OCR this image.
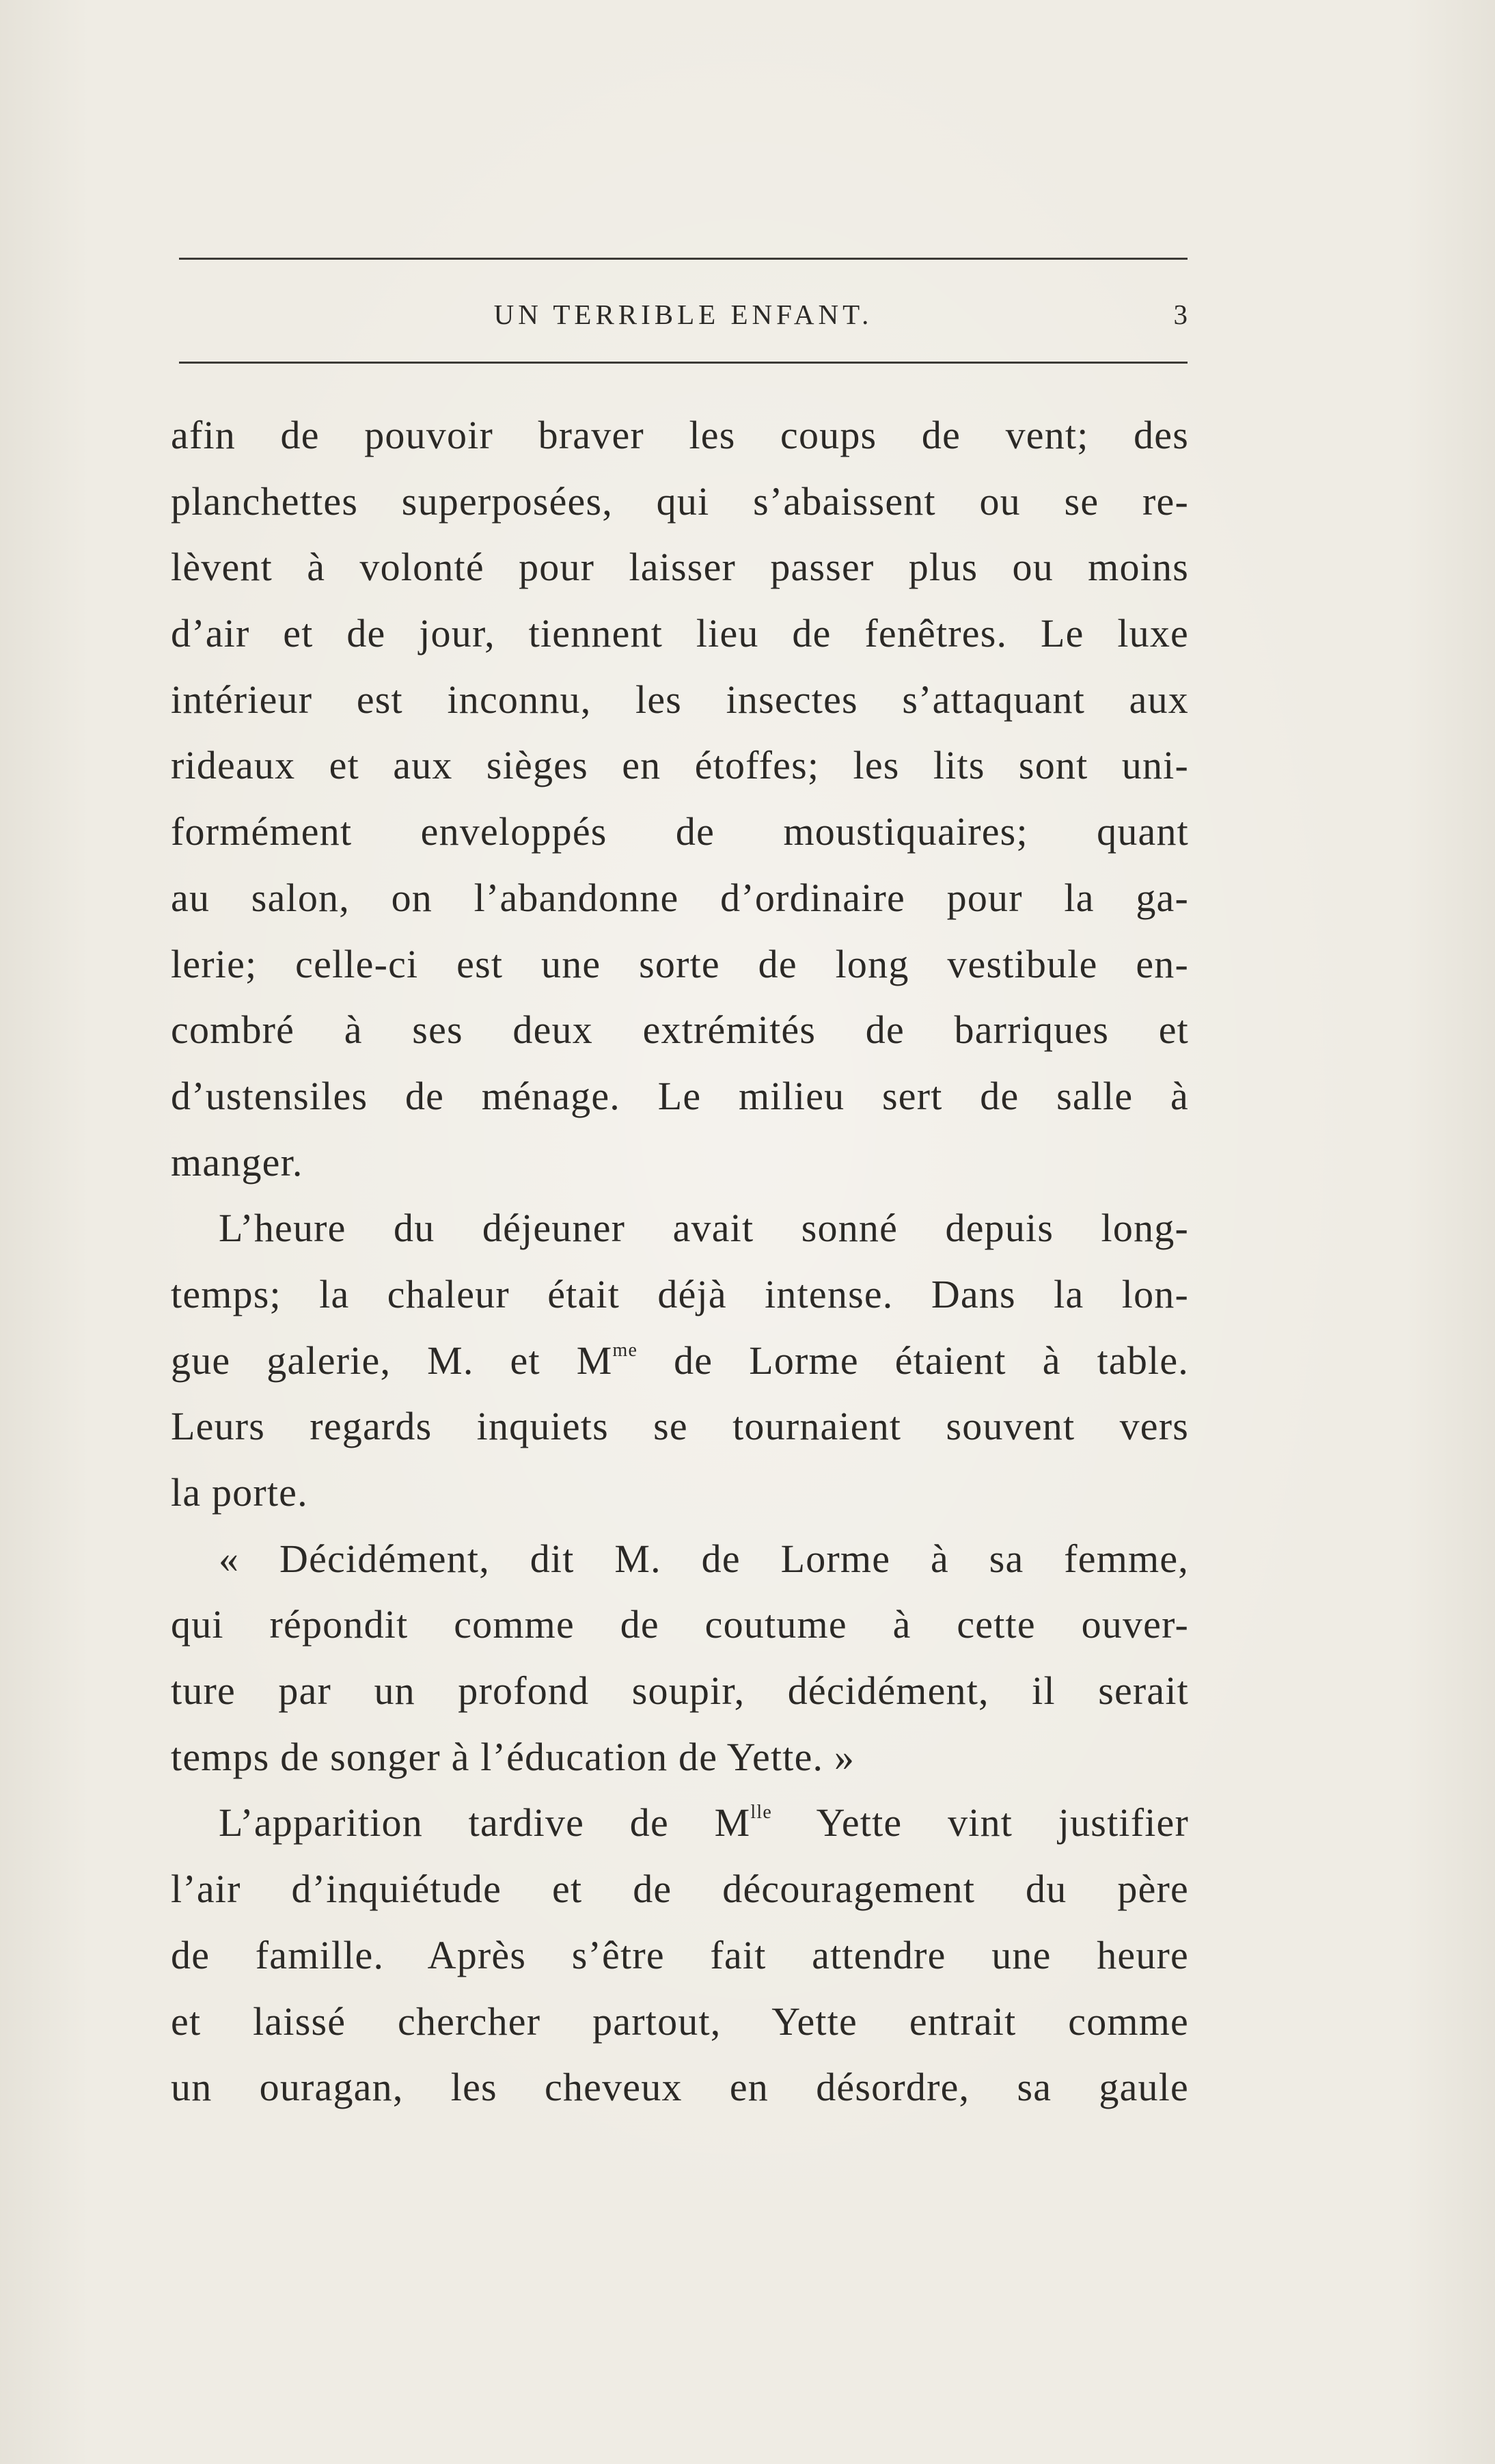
UN TERRIBLE ENFANT.	3
afin de pouvoir braver les coups de vent; des
planchettes superposées, qui s’abaissent ou se re-
lèvent à volonté pour laisser passer plus ou moins
d’air et de jour, tiennent lieu de fenêtres. Le luxe
intérieur est inconnu, les insectes s’attaquant aux
rideaux et aux sièges en étoffes; les lits sont uni-
formément enveloppés de moustiquaires; quant
au salon, on l’abandonne d’ordinaire pour la ga-
lerie; celle-ci est une sorte de long vestibule en-
combré à ses deux extrémités de barriques et
d’ustensiles de ménage. Le milieu sert de salle à
manger.
L’heure du déjeuner avait sonné depuis long-
temps; la chaleur était déjà intense. Dans la lon-
gue galerie, M. et $M^{me}$ de Lorme étaient à table.
Leurs regards inquiets se tournaient souvent vers
la porte.
« Décidément, dit M. de Lorme à sa femme,
qui répondit comme de coutume à cette ouver-
ture par un profond soupir, décidément, il serait
temps de songer à l’éducation de Yette. »
L’apparition tardive de $M^{lle}$ Yette vint justifier
l’air d’inquiétude et de découragement du père
de famille. Après s’être fait attendre une heure
et laissé chercher partout, Yette entrait comme
un ouragan, les cheveux en désordre, sa gaule
